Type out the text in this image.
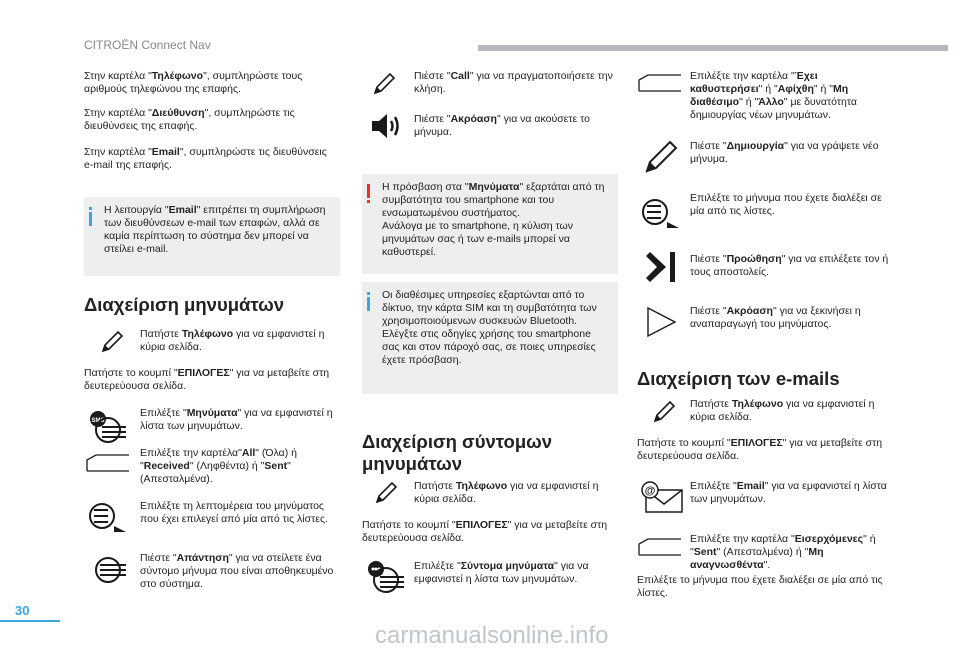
CITROËN Connect Nav
Στην καρτέλα "Τηλέφωνο", συμπληρώστε τους αριθμούς τηλεφώνου της επαφής.
Στην καρτέλα "Διεύθυνση", συμπληρώστε τις διευθύνσεις της επαφής.
Στην καρτέλα "Email", συμπληρώστε τις διευθύνσεις e-mail της επαφής.
Η λειτουργία "Email" επιτρέπει τη συμπλήρωση των διευθύνσεων e-mail των επαφών, αλλά σε καμία περίπτωση το σύστημα δεν μπορεί να στείλει e-mail.
Διαχείριση μηνυμάτων
Πατήστε Τηλέφωνο για να εμφανιστεί η κύρια σελίδα.
Πατήστε το κουμπί "ΕΠΙΛΟΓΕΣ" για να μεταβείτε στη δευτερεύουσα σελίδα.
SMS
Επιλέξτε "Μηνύματα" για να εμφανιστεί η λίστα των μηνυμάτων.
Επιλέξτε την καρτέλα"All" (Όλα) ή "Received" (Ληφθέντα) ή "Sent" (Απεσταλμένα).
Επιλέξτε τη λεπτομέρεια του μηνύματος που έχει επιλεγεί από μία από τις λίστες.
Πιέστε "Απάντηση" για να στείλετε ένα σύντομο μήνυμα που είναι αποθηκευμένο στο σύστημα.
Πιέστε "Call" για να πραγματοποιήσετε την κλήση.
Πιέστε "Ακρόαση" για να ακούσετε το μήνυμα.
Η πρόσβαση στα "Μηνύματα" εξαρτάται από τη συμβατότητα του smartphone και του ενσωματωμένου συστήματος.
Ανάλογα με το smartphone, η κύλιση των μηνυμάτων σας ή των e-mails μπορεί να καθυστερεί.
Οι διαθέσιμες υπηρεσίες εξαρτώνται από το δίκτυο, την κάρτα SIM και τη συμβατότητα των χρησιμοποιούμενων συσκευών Bluetooth.
Ελέγξτε στις οδηγίες χρήσης του smartphone σας και στον πάροχό σας, σε ποιες υπηρεσίες έχετε πρόσβαση.
Διαχείριση σύντομων μηνυμάτων
Πατήστε Τηλέφωνο για να εμφανιστεί η κύρια σελίδα.
Πατήστε το κουμπί "ΕΠΙΛΟΓΕΣ" για να μεταβείτε στη δευτερεύουσα σελίδα.
Επιλέξτε "Σύντομα μηνύματα" για να εμφανιστεί η λίστα των μηνυμάτων.
Επιλέξτε την καρτέλα "Έχει καθυστερήσει" ή "Αφίχθη" ή "Μη διαθέσιμο" ή "Άλλο" με δυνατότητα δημιουργίας νέων μηνυμάτων.
Πιέστε "Δημιουργία" για να γράψετε νέο μήνυμα.
Επιλέξτε το μήνυμα που έχετε διαλέξει σε μία από τις λίστες.
Πιέστε "Προώθηση" για να επιλέξετε τον ή τους αποστολείς.
Πιέστε "Ακρόαση" για να ξεκινήσει η αναπαραγωγή του μηνύματος.
Διαχείριση των e-mails
Πατήστε Τηλέφωνο για να εμφανιστεί η κύρια σελίδα.
Πατήστε το κουμπί "ΕΠΙΛΟΓΕΣ" για να μεταβείτε στη δευτερεύουσα σελίδα.
@	Επιλέξτε "Email" για να εμφανιστεί η λίστα των μηνυμάτων.
Επιλέξτε την καρτέλα "Εισερχόμενες" ή "Sent" (Απεσταλμένα) ή "Μη αναγνωσθέντα".
Επιλέξτε το μήνυμα που έχετε διαλέξει σε μία από τις λίστες.
30
carmanualsonline.info
